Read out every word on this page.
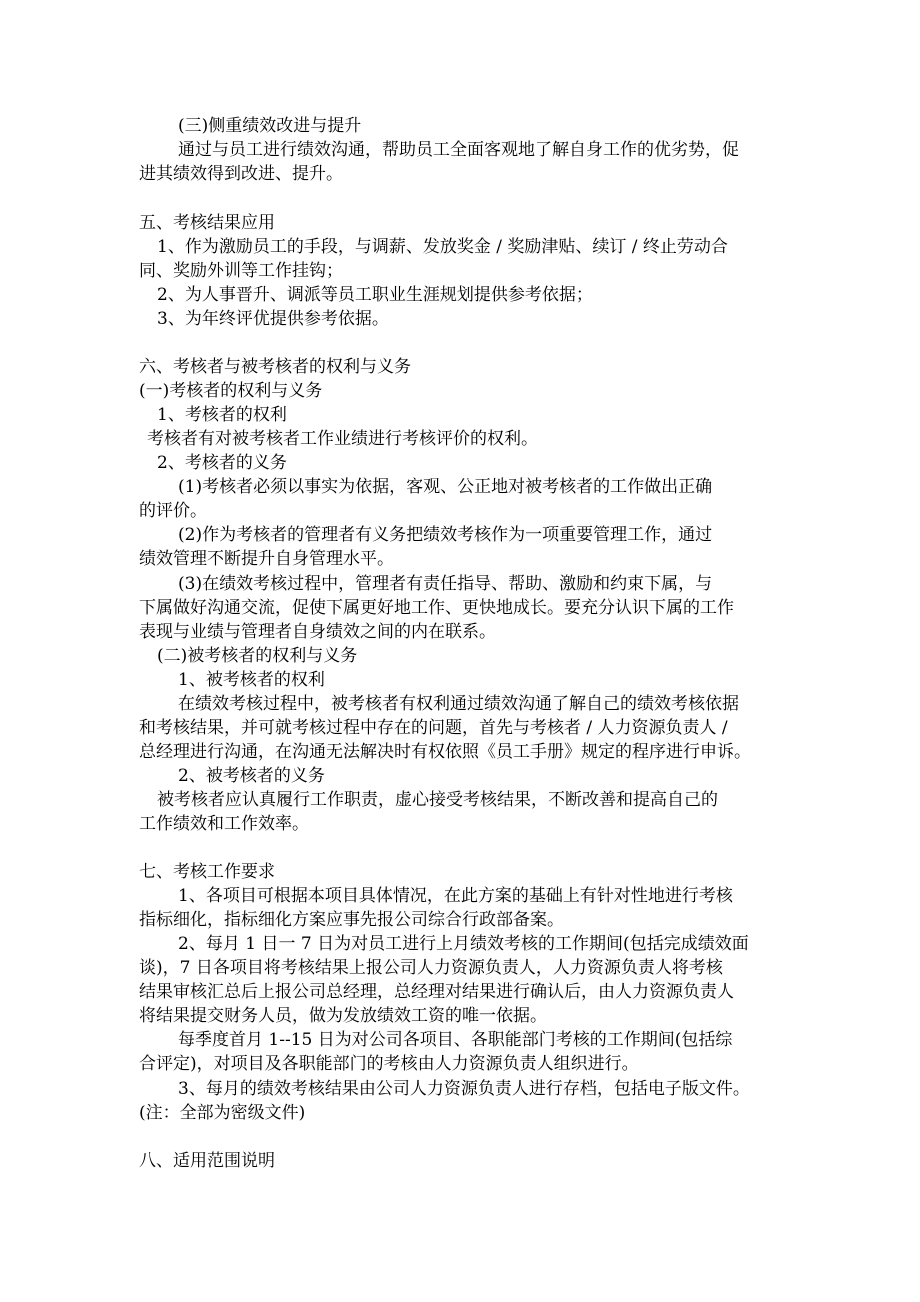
(三)侧重绩效改进与提升
通过与员工进行绩效沟通，帮助员工全面客观地了解自身工作的优劣势，促
进其绩效得到改进、提升。
五、考核结果应用
1、作为激励员工的手段，与调薪、发放奖金 / 奖励津贴、续订 / 终止劳动合
同、奖励外训等工作挂钩；
2、为人事晋升、调派等员工职业生涯规划提供参考依据；
3、为年终评优提供参考依据。
六、考核者与被考核者的权利与义务
(一)考核者的权利与义务
1、考核者的权利
考核者有对被考核者工作业绩进行考核评价的权利。
2、考核者的义务
(1)考核者必须以事实为依据，客观、公正地对被考核者的工作做出正确
的评价。
(2)作为考核者的管理者有义务把绩效考核作为一项重要管理工作，通过
绩效管理不断提升自身管理水平。
(3)在绩效考核过程中，管理者有责任指导、帮助、激励和约束下属，与
下属做好沟通交流，促使下属更好地工作、更快地成长。要充分认识下属的工作
表现与业绩与管理者自身绩效之间的内在联系。
(二)被考核者的权利与义务
1、被考核者的权利
在绩效考核过程中，被考核者有权利通过绩效沟通了解自己的绩效考核依据
和考核结果，并可就考核过程中存在的问题，首先与考核者 / 人力资源负责人 /
总经理进行沟通，在沟通无法解决时有权依照《员工手册》规定的程序进行申诉。
2、被考核者的义务
被考核者应认真履行工作职责，虚心接受考核结果，不断改善和提高自己的
工作绩效和工作效率。
七、考核工作要求
1、各项目可根据本项目具体情况，在此方案的基础上有针对性地进行考核
指标细化，指标细化方案应事先报公司综合行政部备案。
2、每月 1 日一 7 日为对员工进行上月绩效考核的工作期间(包括完成绩效面
谈)，7 日各项目将考核结果上报公司人力资源负责人，人力资源负责人将考核
结果审核汇总后上报公司总经理，总经理对结果进行确认后，由人力资源负责人
将结果提交财务人员，做为发放绩效工资的唯一依据。
每季度首月 1--15 日为对公司各项目、各职能部门考核的工作期间(包括综
合评定)，对项目及各职能部门的考核由人力资源负责人组织进行。
3、每月的绩效考核结果由公司人力资源负责人进行存档，包括电子版文件。
(注：全部为密级文件)
八、适用范围说明
